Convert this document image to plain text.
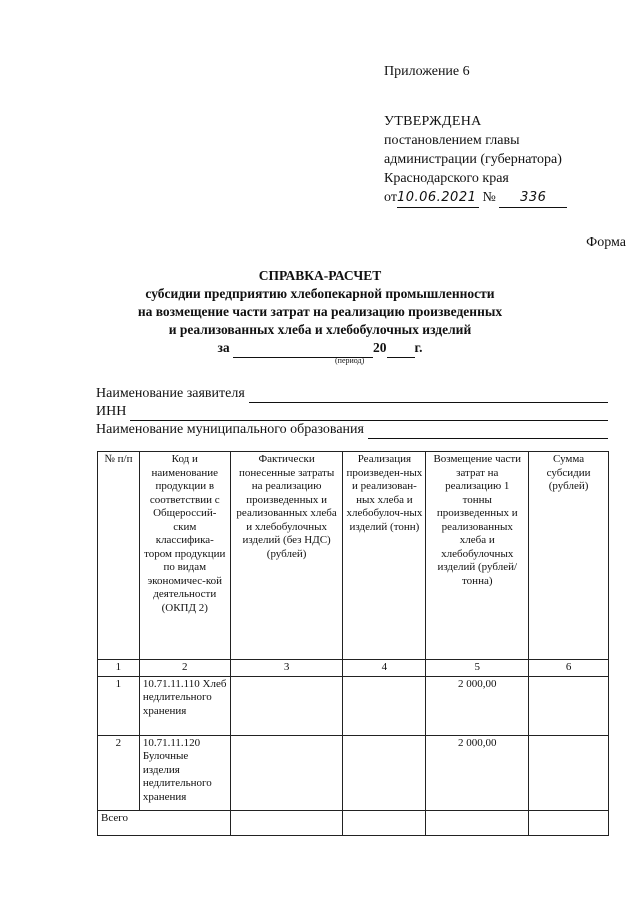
Приложение 6
УТВЕРЖДЕНА
постановлением главы
администрации (губернатора)
Краснодарского края
от10.06.2021 № 336
Форма
СПРАВКА-РАСЧЕТ
субсидии предприятию хлебопекарной промышленности
на возмещение части затрат на реализацию произведенных
и реализованных хлеба и хлебобулочных изделий
за	20 г.
(период)
Наименование заявителя
ИНН
Наименование муниципального образования
№ п/п	Код и наименование продукции в соответствии с Общероссий-ским классифика-тором продукции по видам экономичес-кой деятельности (ОКПД 2)	Фактически понесенные затраты на реализацию произведенных и реализованных хлеба и хлебобулочных изделий (без НДС) (рублей)	Реализация произведен-ных и реализован-ных хлеба и хлебобулоч-ных изделий (тонн)	Возмещение части затрат на реализацию 1 тонны произведенных и реализованных хлеба и хлебобулочных изделий (рублей/тонна)	Сумма субсидии (рублей)
1	2	3	4	5	6
1	10.71.11.110 Хлеб недлительного хранения			2 000,00	
2	10.71.11.120 Булочные изделия недлительного хранения			2 000,00	
Всего					
